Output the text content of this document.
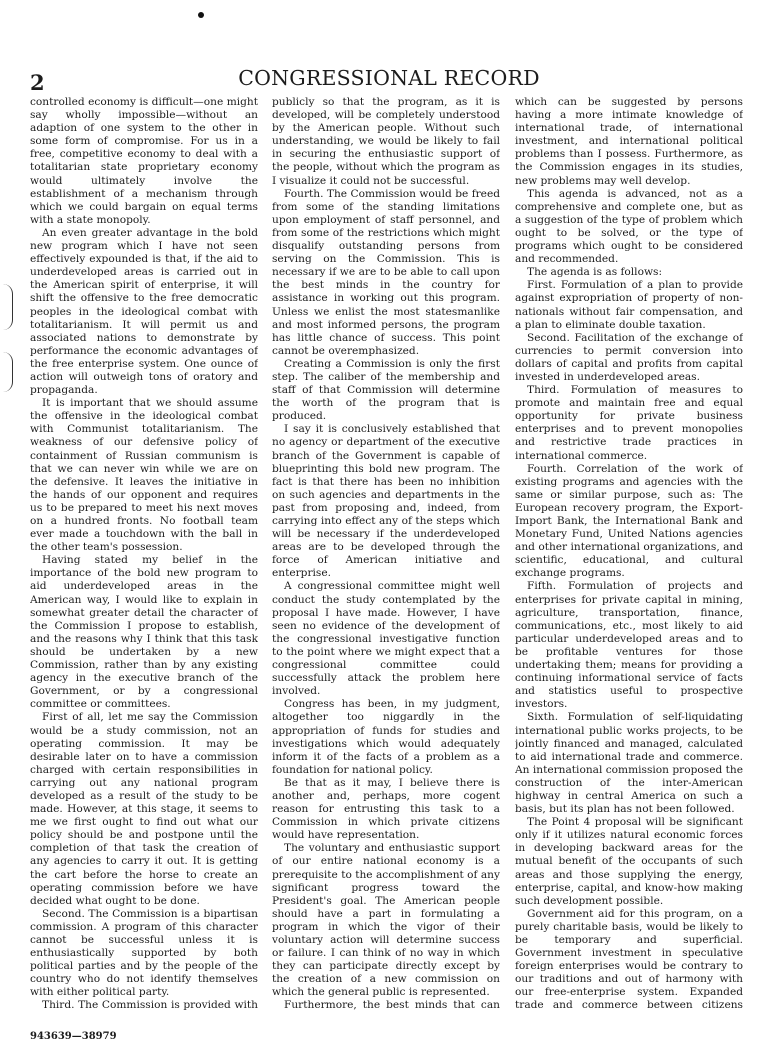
2	CONGRESSIONAL RECORD

controlled economy is difficult—one might say wholly impossible—without an adaption of one system to the other in some form of compromise. For us in a free, competitive economy to deal with a totalitarian state proprietary economy would ultimately involve the establishment of a mechanism through which we could bargain on equal terms with a state monopoly.

An even greater advantage in the bold new program which I have not seen effectively expounded is that, if the aid to underdeveloped areas is carried out in the American spirit of enterprise, it will shift the offensive to the free democratic peoples in the ideological combat with totalitarianism. It will permit us and associated nations to demonstrate by performance the economic advantages of the free enterprise system. One ounce of action will outweigh tons of oratory and propaganda.

It is important that we should assume the offensive in the ideological combat with Communist totalitarianism. The weakness of our defensive policy of containment of Russian communism is that we can never win while we are on the defensive. It leaves the initiative in the hands of our opponent and requires us to be prepared to meet his next moves on a hundred fronts. No football team ever made a touchdown with the ball in the other team's possession.

Having stated my belief in the importance of the bold new program to aid underdeveloped areas in the American way, I would like to explain in somewhat greater detail the character of the Commission I propose to establish, and the reasons why I think that this task should be undertaken by a new Commission, rather than by any existing agency in the executive branch of the Government, or by a congressional committee or committees.

First of all, let me say the Commission would be a study commission, not an operating commission. It may be desirable later on to have a commission charged with certain responsibilities in carrying out any national program developed as a result of the study to be made. However, at this stage, it seems to me we first ought to find out what our policy should be and postpone until the completion of that task the creation of any agencies to carry it out. It is getting the cart before the horse to create an operating commission before we have decided what ought to be done.

Second. The Commission is a bipartisan commission. A program of this character cannot be successful unless it is enthusiastically supported by both political parties and by the people of the country who do not identify themselves with either political party.

Third. The Commission is provided with

publicly so that the program, as it is developed, will be completely understood by the American people. Without such understanding, we would be likely to fail in securing the enthusiastic support of the people, without which the program as I visualize it could not be successful.

Fourth. The Commission would be freed from some of the standing limitations upon employment of staff personnel, and from some of the restrictions which might disqualify outstanding persons from serving on the Commission. This is necessary if we are to be able to call upon the best minds in the country for assistance in working out this program. Unless we enlist the most statesmanlike and most informed persons, the program has little chance of success. This point cannot be overemphasized.

Creating a Commission is only the first step. The caliber of the membership and staff of that Commission will determine the worth of the program that is produced.

I say it is conclusively established that no agency or department of the executive branch of the Government is capable of blueprinting this bold new program. The fact is that there has been no inhibition on such agencies and departments in the past from proposing and, indeed, from carrying into effect any of the steps which will be necessary if the underdeveloped areas are to be developed through the force of American initiative and enterprise.

A congressional committee might well conduct the study contemplated by the proposal I have made. However, I have seen no evidence of the development of the congressional investigative function to the point where we might expect that a congressional committee could successfully attack the problem here involved.

Congress has been, in my judgment, altogether too niggardly in the appropriation of funds for studies and investigations which would adequately inform it of the facts of a problem as a foundation for national policy.

Be that as it may, I believe there is another and, perhaps, more cogent reason for entrusting this task to a Commission in which private citizens would have representation.

The voluntary and enthusiastic support of our entire national economy is a prerequisite to the accomplishment of any significant progress toward the President's goal. The American people should have a part in formulating a program in which the vigor of their voluntary action will determine success or failure. I can think of no way in which they can participate directly except by the creation of a new commission on which the general public is represented.

Furthermore, the best minds that can

which can be suggested by persons having a more intimate knowledge of international trade, of international investment, and international political problems than I possess. Furthermore, as the Commission engages in its studies, new problems may well develop.

This agenda is advanced, not as a comprehensive and complete one, but as a suggestion of the type of problem which ought to be solved, or the type of programs which ought to be considered and recommended.

The agenda is as follows:

First. Formulation of a plan to provide against expropriation of property of non-nationals without fair compensation, and a plan to eliminate double taxation.

Second. Facilitation of the exchange of currencies to permit conversion into dollars of capital and profits from capital invested in underdeveloped areas.

Third. Formulation of measures to promote and maintain free and equal opportunity for private business enterprises and to prevent monopolies and restrictive trade practices in international commerce.

Fourth. Correlation of the work of existing programs and agencies with the same or similar purpose, such as: The European recovery program, the Export-Import Bank, the International Bank and Monetary Fund, United Nations agencies and other international organizations, and scientific, educational, and cultural exchange programs.

Fifth. Formulation of projects and enterprises for private capital in mining, agriculture, transportation, finance, communications, etc., most likely to aid particular underdeveloped areas and to be profitable ventures for those undertaking them; means for providing a continuing informational service of facts and statistics useful to prospective investors.

Sixth. Formulation of self-liquidating international public works projects, to be jointly financed and managed, calculated to aid international trade and commerce. An international commission proposed the construction of the inter-American highway in central America on such a basis, but its plan has not been followed.

The Point 4 proposal will be significant only if it utilizes natural economic forces in developing backward areas for the mutual benefit of the occupants of such areas and those supplying the energy, enterprise, capital, and know-how making such development possible.

Government aid for this program, on a purely charitable basis, would be likely to be temporary and superficial. Government investment in speculative foreign enterprises would be contrary to our traditions and out of harmony with our free-enterprise system. Expanded trade and commerce between citizens

943639—38979
